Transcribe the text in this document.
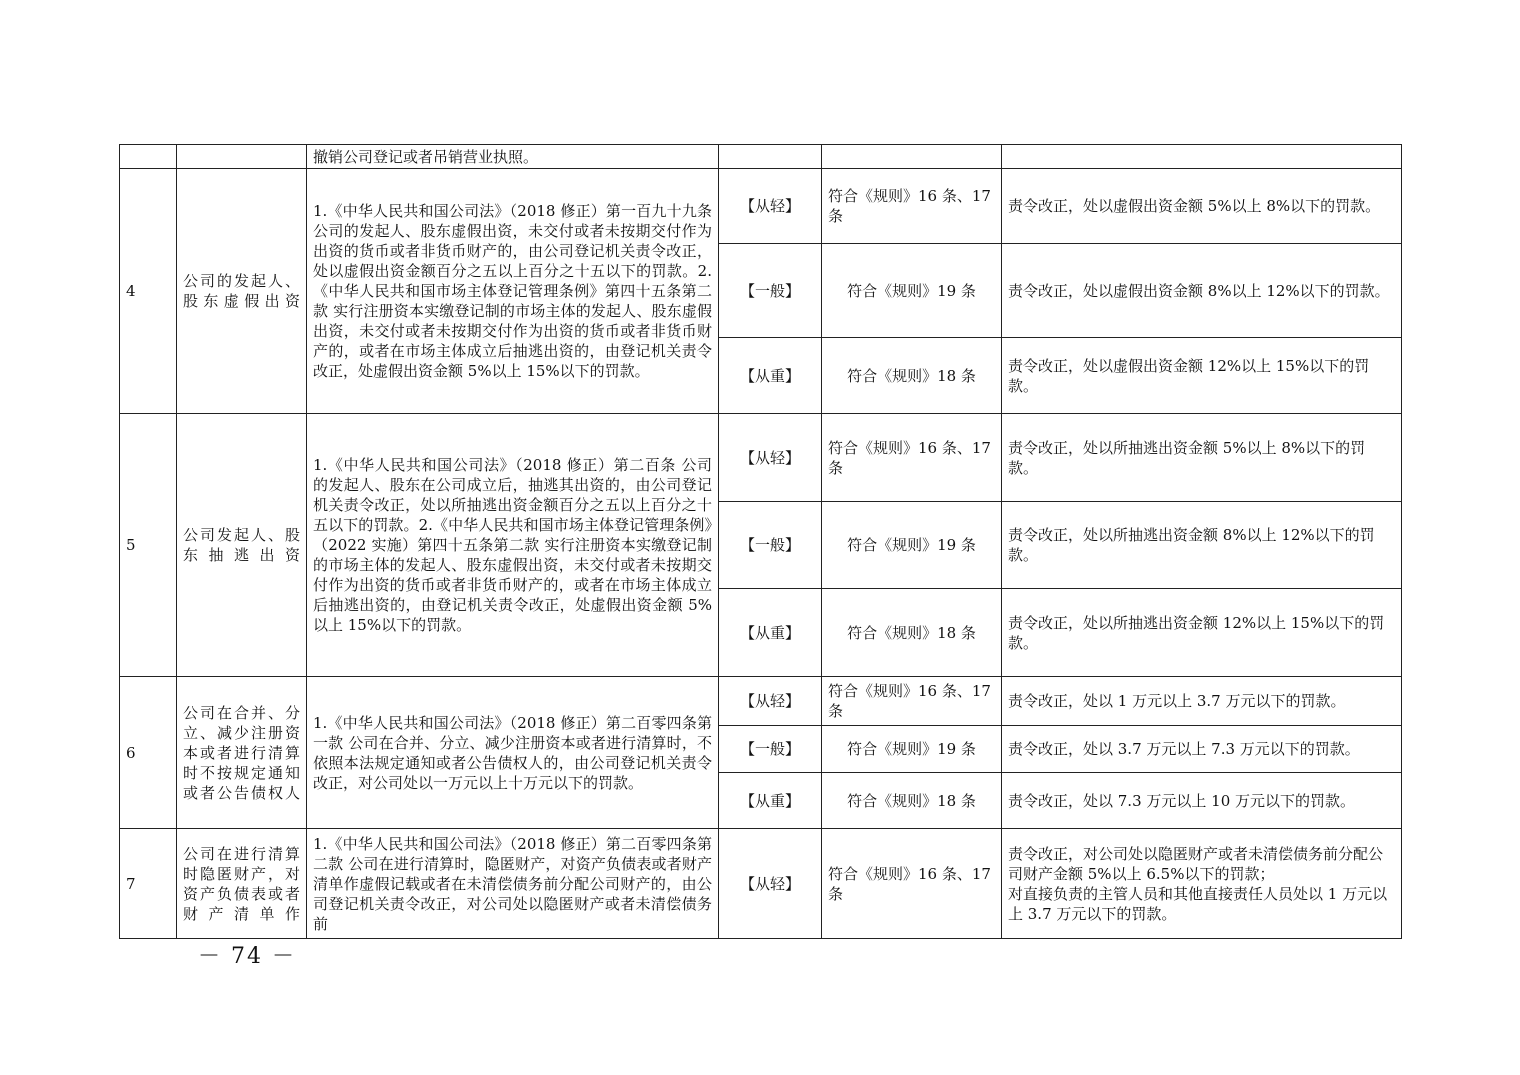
		撤销公司登记或者吊销营业执照。			
4	公司的发起人、股东虚假出资	1.《中华人民共和国公司法》（2018 修正）第一百九十九条 公司的发起人、股东虚假出资，未交付或者未按期交付作为出资的货币或者非货币财产的，由公司登记机关责令改正，处以虚假出资金额百分之五以上百分之十五以下的罚款。2.《中华人民共和国市场主体登记管理条例》第四十五条第二款 实行注册资本实缴登记制的市场主体的发起人、股东虚假出资，未交付或者未按期交付作为出资的货币或者非货币财产的，或者在市场主体成立后抽逃出资的，由登记机关责令改正，处虚假出资金额 5%以上 15%以下的罚款。	【从轻】	符合《规则》16 条、17 条	责令改正，处以虚假出资金额 5%以上 8%以下的罚款。
			【一般】	符合《规则》19 条	责令改正，处以虚假出资金额 8%以上 12%以下的罚款。
			【从重】	符合《规则》18 条	责令改正，处以虚假出资金额 12%以上 15%以下的罚款。
5	公司发起人、股东抽逃出资	1.《中华人民共和国公司法》（2018 修正）第二百条 公司的发起人、股东在公司成立后，抽逃其出资的，由公司登记机关责令改正，处以所抽逃出资金额百分之五以上百分之十五以下的罚款。2.《中华人民共和国市场主体登记管理条例》（2022 实施）第四十五条第二款 实行注册资本实缴登记制的市场主体的发起人、股东虚假出资，未交付或者未按期交付作为出资的货币或者非货币财产的，或者在市场主体成立后抽逃出资的，由登记机关责令改正，处虚假出资金额 5%以上 15%以下的罚款。	【从轻】	符合《规则》16 条、17 条	责令改正，处以所抽逃出资金额 5%以上 8%以下的罚款。
			【一般】	符合《规则》19 条	责令改正，处以所抽逃出资金额 8%以上 12%以下的罚款。
			【从重】	符合《规则》18 条	责令改正，处以所抽逃出资金额 12%以上 15%以下的罚款。
6	公司在合并、分立、减少注册资本或者进行清算时不按规定通知或者公告债权人	1.《中华人民共和国公司法》（2018 修正）第二百零四条第一款 公司在合并、分立、减少注册资本或者进行清算时，不依照本法规定通知或者公告债权人的，由公司登记机关责令改正，对公司处以一万元以上十万元以下的罚款。	【从轻】	符合《规则》16 条、17 条	责令改正，处以 1 万元以上 3.7 万元以下的罚款。
			【一般】	符合《规则》19 条	责令改正，处以 3.7 万元以上 7.3 万元以下的罚款。
			【从重】	符合《规则》18 条	责令改正，处以 7.3 万元以上 10 万元以下的罚款。
7	公司在进行清算时隐匿财产，对资产负债表或者财产清单作	1.《中华人民共和国公司法》（2018 修正）第二百零四条第二款 公司在进行清算时，隐匿财产，对资产负债表或者财产清单作虚假记载或者在未清偿债务前分配公司财产的，由公司登记机关责令改正，对公司处以隐匿财产或者未清偿债务前	【从轻】	符合《规则》16 条、17 条	责令改正，对公司处以隐匿财产或者未清偿债务前分配公司财产金额 5%以上 6.5%以下的罚款；
对直接负责的主管人员和其他直接责任人员处以 1 万元以上 3.7 万元以下的罚款。
－ 74 －
